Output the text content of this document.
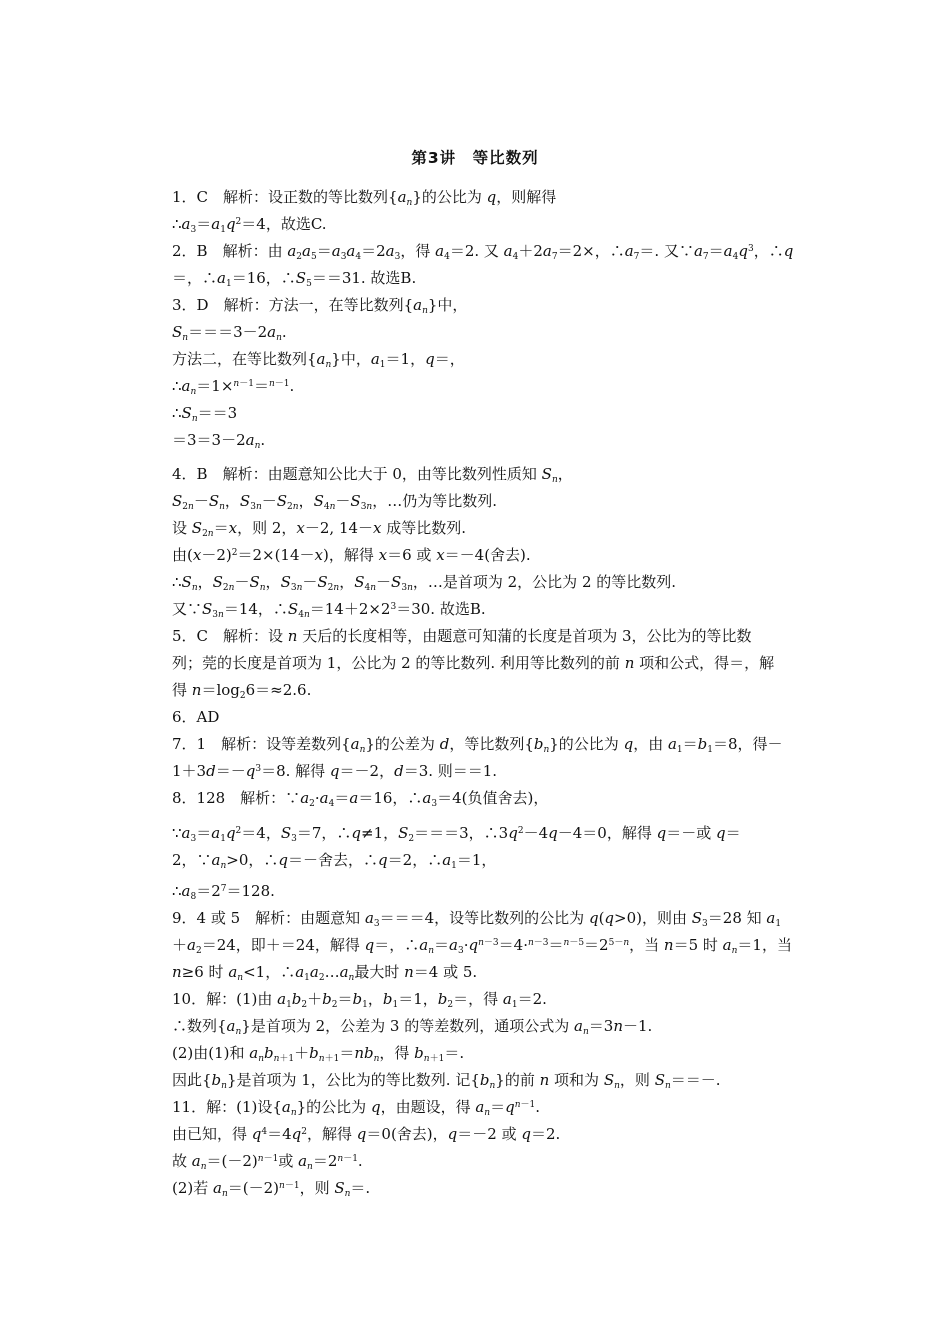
第3讲　等比数列
1．C　解析：设正数的等比数列$\{a_n\}$的公比为 q，则解得
$\therefore a_3=a_1q^2=4$，故选C.
2．B　解析：由 $a_2a_5=a_3a_4=2a_3$，得 $a_4=2$. 又 $a_4+2a_7=2\times$，$\therefore a_7=$. 又$\because a_7=a_4q^3$，∴q
＝，$\therefore a_1=16$，$\therefore S_5==31$. 故选B.
3．D　解析：方法一，在等比数列$\{a_n\}$中，
$S_n===3-2a_n$.
方法二，在等比数列$\{a_n\}$中，$a_1=1$，q＝，
$\therefore a_n=1\times^{n-1}=^{n-1}$.
$\therefore S_n==3$
$=3=3-2a_n$.
4．B　解析：由题意知公比大于 0，由等比数列性质知 $S_n$，
$S_{2n}-S_n$，$S_{3n}-S_{2n}$，$S_{4n}-S_{3n}$，…仍为等比数列.
设 $S_{2n}=x$，则 2，x－2, 14－x 成等比数列.
由$(x-2)^2=2\times(14-x)$，解得 x＝6 或 x＝－4(舍去).
$\therefore S_n$，$S_{2n}-S_n$，$S_{3n}-S_{2n}$，$S_{4n}-S_{3n}$，…是首项为 2，公比为 2 的等比数列.
又$\because S_{3n}=14$，$\therefore S_{4n}=14+2\times 2^3=30$. 故选B.
5．C　解析：设 n 天后的长度相等，由题意可知蒲的长度是首项为 3，公比为的等比数
列；莞的长度是首项为 1，公比为 2 的等比数列. 利用等比数列的前 n 项和公式，得＝，解
得 $n=\log_26=\approx 2.6$.
6．AD
7．1　解析：设等差数列$\{a_n\}$的公差为 d，等比数列$\{b_n\}$的公比为 q，由 $a_1=b_1=8$，得－
$1+3d=-q^3=8$. 解得 q＝－2，d＝3. 则＝＝1.
8．128　解析：$\because a_2\cdot a_4=a=16$，$\therefore a_3=4$(负值舍去)，
$\because a_3=a_1q^2=4$，$S_3=7$，∴q≠1，$S_2===3$，$\therefore 3q^2-4q-4=0$，解得 q＝－或 q＝
2，$\because a_n>0$，∴q＝－舍去，∴q＝2，$\therefore a_1=1$，
$\therefore a_8=2^7=128$.
9．4 或 5　解析：由题意知 $a_3===4$，设等比数列的公比为 q(q>0)，则由 $S_3=28$ 知 $a_1$
$+a_2=24$，即＋＝24，解得 q＝，$\therefore a_n=a_3\cdot q^{n-3}=4\cdot^{n-3}=^{n-5}=2^{5-n}$，当 n＝5 时 $a_n=1$，当
n≥6 时 $a_n<1$，$\therefore a_1a_2\dots a_n$最大时 n＝4 或 5.
10．解：(1)由 $a_1b_2+b_2=b_1$，$b_1=1$，$b_2=$，得 $a_1=2$.
∴数列$\{a_n\}$是首项为 2，公差为 3 的等差数列，通项公式为 $a_n=3n-1$.
(2)由(1)和 $a_nb_{n+1}+b_{n+1}=nb_n$，得 $b_{n+1}=$.
因此$\{b_n\}$是首项为 1，公比为的等比数列. 记$\{b_n\}$的前 n 项和为 $S_n$，则 $S_n==-$.
11．解：(1)设$\{a_n\}$的公比为 q，由题设，得 $a_n=q^{n-1}$.
由已知，得 $q^4=4q^2$，解得 q＝0(舍去)，q＝－2 或 q＝2.
故 $a_n=(-2)^{n-1}$或 $a_n=2^{n-1}$.
(2)若 $a_n=(-2)^{n-1}$，则 $S_n=$.
